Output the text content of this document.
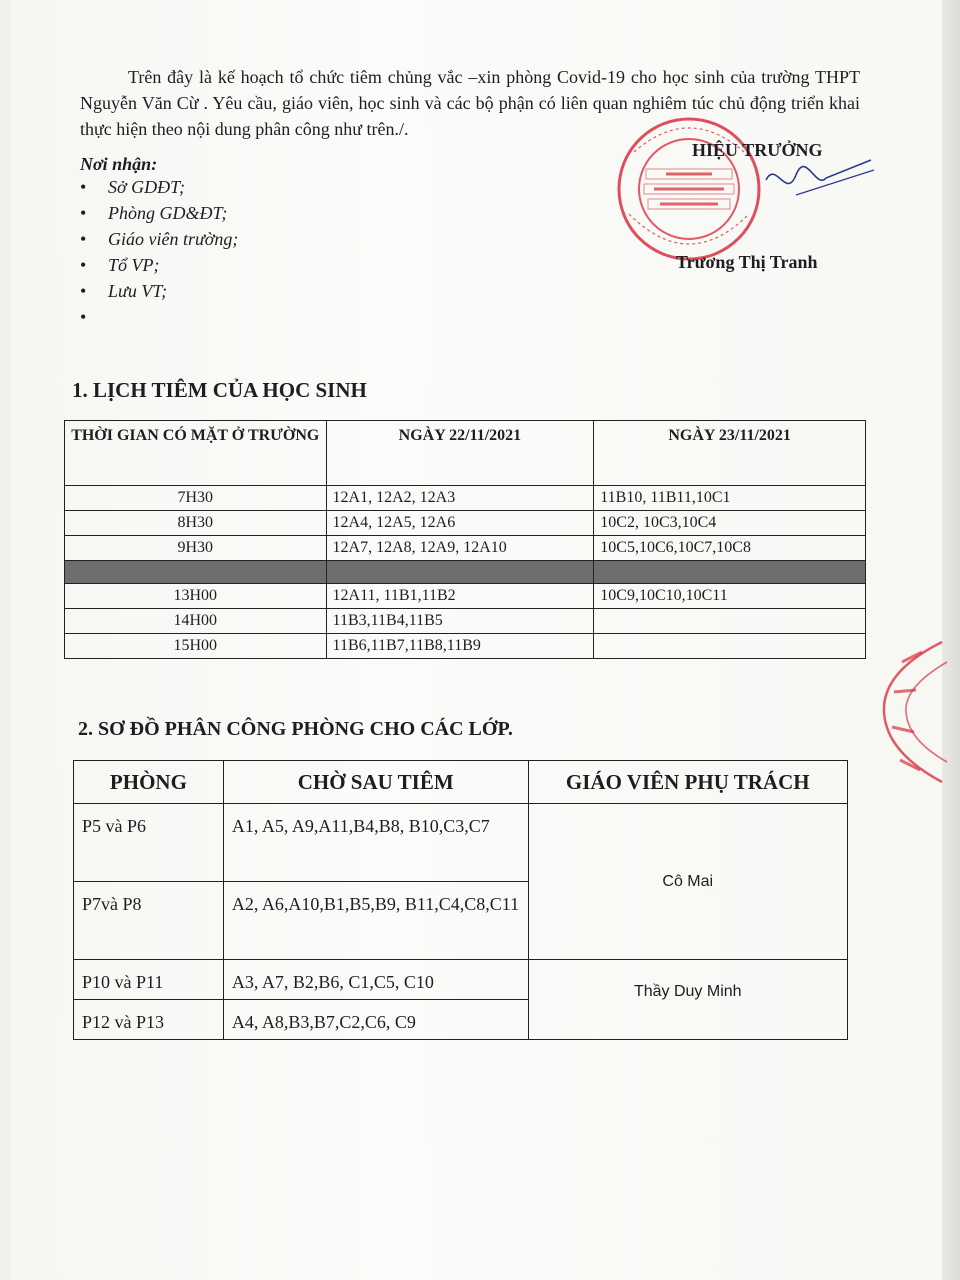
Trên đây là kế hoạch tổ chức tiêm chủng vắc –xin phòng Covid-19 cho học sinh của trường THPT Nguyễn Văn Cừ . Yêu cầu, giáo viên, học sinh và các bộ phận có liên quan nghiêm túc chủ động triển khai thực hiện theo nội dung phân công như trên./.

Nơi nhận:
• Sở GDĐT;
• Phòng GD&ĐT;
• Giáo viên trường;
• Tổ VP;
• Lưu VT;
•
HIỆU TRƯỞNG
Trương Thị Tranh
1. LỊCH TIÊM CỦA HỌC SINH
THỜI GIAN CÓ MẶT Ở TRƯỜNG	NGÀY 22/11/2021	NGÀY 23/11/2021
7H30	12A1, 12A2, 12A3	11B10, 11B11,10C1
8H30	12A4, 12A5, 12A6	10C2, 10C3,10C4
9H30	12A7, 12A8, 12A9, 12A10	10C5,10C6,10C7,10C8

13H00	12A11, 11B1,11B2	10C9,10C10,10C11
14H00	11B3,11B4,11B5	
15H00	11B6,11B7,11B8,11B9	
2. SƠ ĐỒ PHÂN CÔNG PHÒNG CHO CÁC LỚP.
PHÒNG	CHỜ SAU TIÊM	GIÁO VIÊN PHỤ TRÁCH
P5 và P6	A1, A5, A9,A11,B4,B8, B10,C3,C7	Cô Mai
P7và P8	A2, A6,A10,B1,B5,B9, B11,C4,C8,C11	
P10 và P11	A3, A7, B2,B6, C1,C5, C10	Thầy Duy Minh
P12 và P13	A4, A8,B3,B7,C2,C6, C9	
